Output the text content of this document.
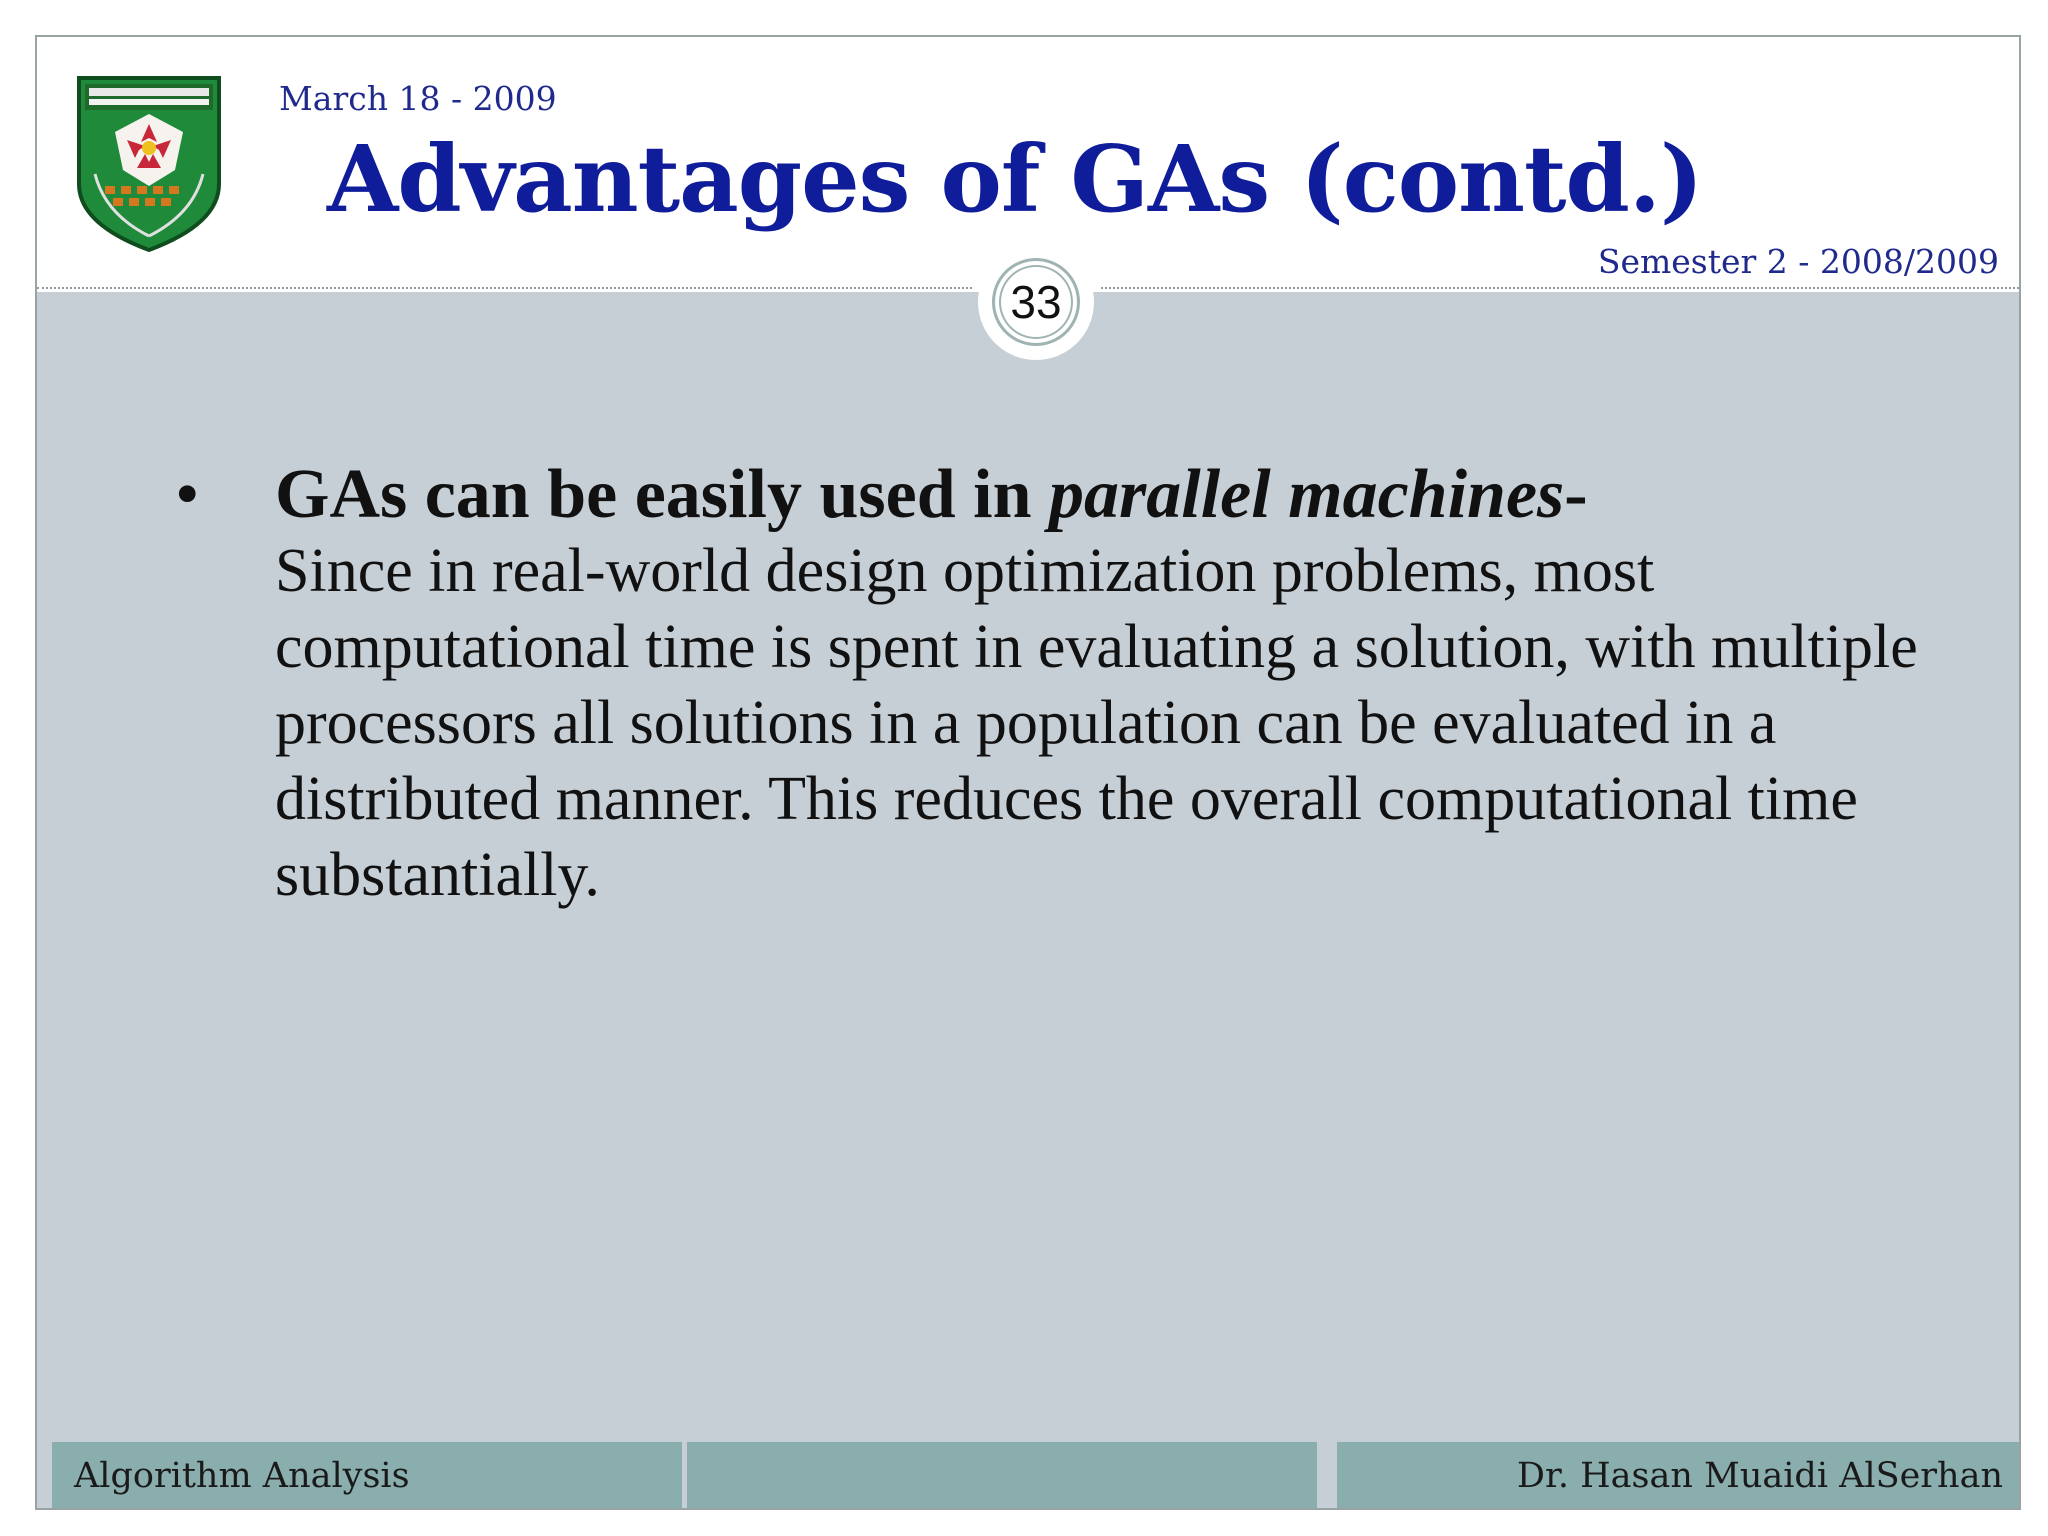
March 18 - 2009
Advantages of GAs (contd.)
Semester 2 - 2008/2009
33
• GAs can be easily used in parallel machines-
Since in real-world design optimization problems, most computational time is spent in evaluating a solution, with multiple processors all solutions in a population can be evaluated in a distributed manner. This reduces the overall computational time substantially.
Algorithm Analysis	Dr. Hasan Muaidi AlSerhan
